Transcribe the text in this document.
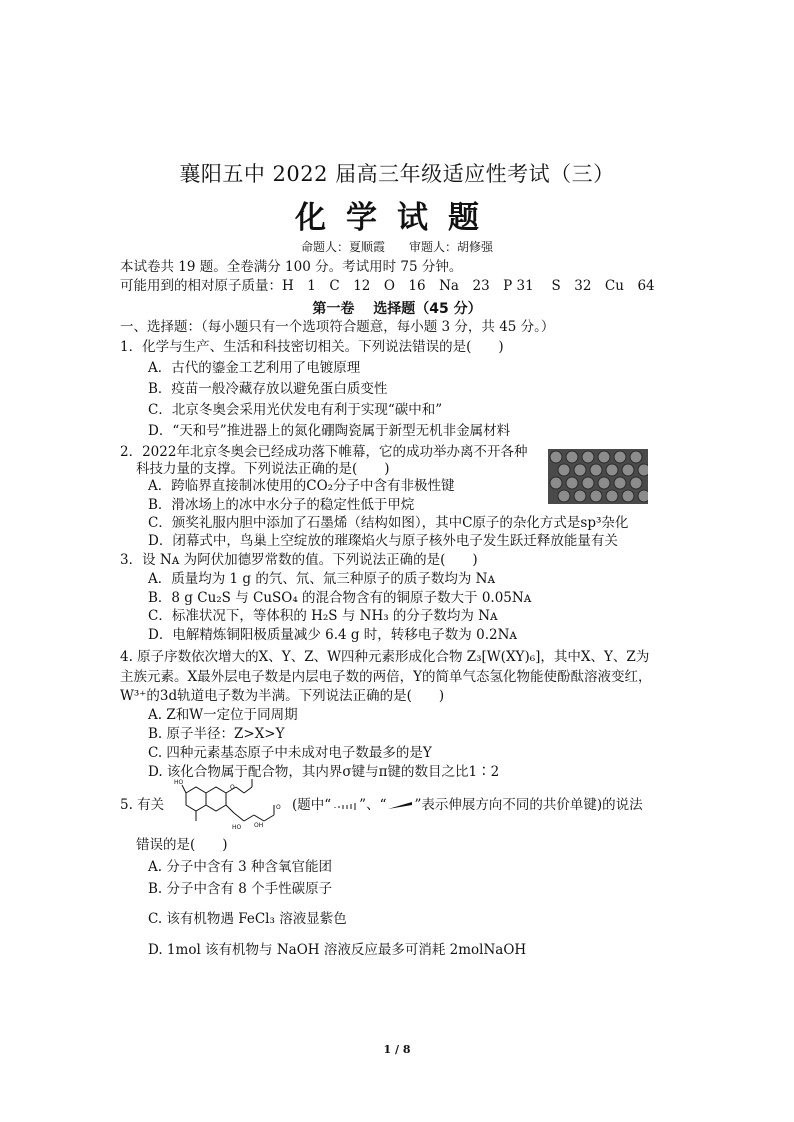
襄阳五中 2022 届高三年级适应性考试（三）
化学试题
命题人：夏顺霞 审题人：胡修强
本试卷共 19 题。全卷满分 100 分。考试用时 75 分钟。
可能用到的相对原子质量：H　1　C　12　O　16　Na　23　P 31　 S　32　Cu　64
第一卷　 选择题（45 分）
一、选择题：（每小题只有一个选项符合题意，每小题 3 分，共 45 分。）
1．化学与生产、生活和科技密切相关。下列说法错误的是(　　)
A．古代的鎏金工艺利用了电镀原理
B．疫苗一般冷藏存放以避免蛋白质变性
C．北京冬奥会采用光伏发电有利于实现“碳中和”
D．“天和号”推进器上的氮化硼陶瓷属于新型无机非金属材料
2．2022年北京冬奥会已经成功落下帷幕，它的成功举办离不开各种
科技力量的支撑。下列说法正确的是(　　)
A．跨临界直接制冰使用的CO₂分子中含有非极性键
B．滑冰场上的冰中水分子的稳定性低于甲烷
C．颁奖礼服内胆中添加了石墨烯（结构如图），其中C原子的杂化方式是sp³杂化
D．闭幕式中，鸟巢上空绽放的璀璨焰火与原子核外电子发生跃迁释放能量有关
3．设 Nᴀ 为阿伏加德罗常数的值。下列说法正确的是(　　)
A．质量均为 1 g 的氕、氘、氚三种原子的质子数均为 Nᴀ
B．8 g Cu₂S 与 CuSO₄ 的混合物含有的铜原子数大于 0.05Nᴀ
C．标准状况下，等体积的 H₂S 与 NH₃ 的分子数均为 Nᴀ
D．电解精炼铜阳极质量减少 6.4 g 时，转移电子数为 0.2Nᴀ
4. 原子序数依次增大的X、Y、Z、W四种元素形成化合物 Z₃[W(XY)₆]，其中X、Y、Z为
主族元素。X最外层电子数是内层电子数的两倍，Y的简单气态氢化物能使酚酞溶液变红，
W³⁺的3d轨道电子数为半满。下列说法正确的是(　　)
A. Z和W一定位于同周期
B. 原子半径：Z>X>Y
C. 四种元素基态原子中未成对电子数最多的是Y
D. 该化合物属于配合物，其内界σ键与π键的数目之比1∶2
5. 有关
HO
O
OH
O
HO
(题中“ ”、“ ”表示伸展方向不同的共价单键)的说法
错误的是(　　)
A. 分子中含有 3 种含氧官能团
B. 分子中含有 8 个手性碳原子
C. 该有机物遇 FeCl₃ 溶液显紫色
D. 1mol 该有机物与 NaOH 溶液反应最多可消耗 2molNaOH
1 / 8
